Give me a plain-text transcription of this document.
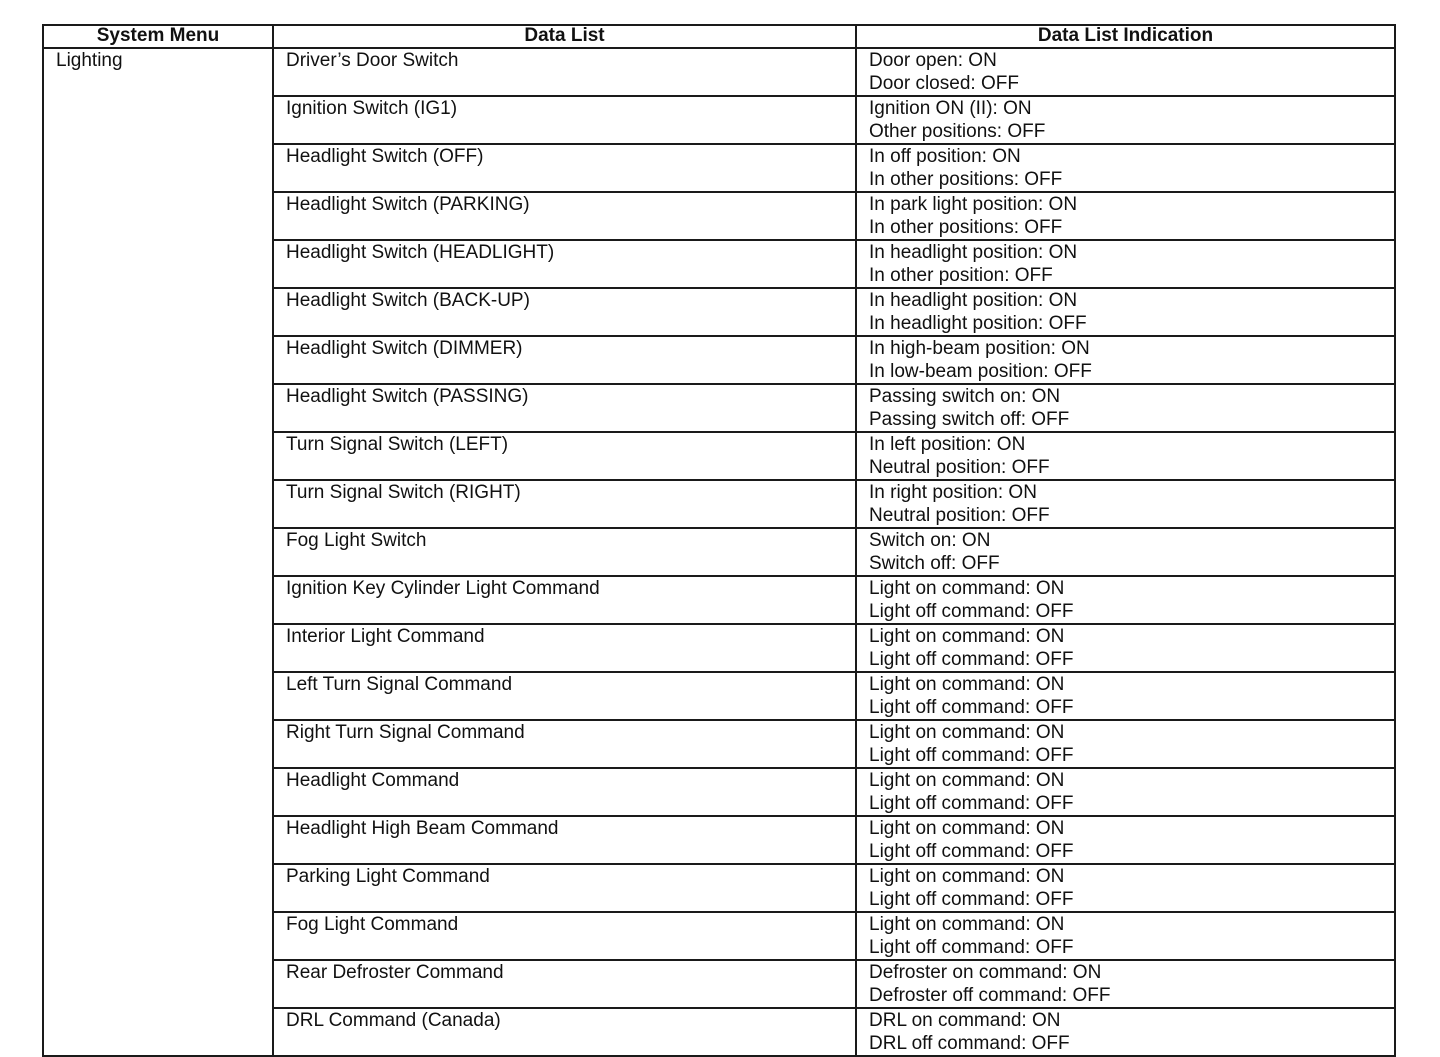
System Menu	Data List	Data List Indication
Lighting	Driver’s Door Switch	Door open: ON
Door closed: OFF

	Ignition Switch (IG1)	Ignition ON (II): ON
Other positions: OFF

	Headlight Switch (OFF)	In off position: ON
In other positions: OFF

	Headlight Switch (PARKING)	In park light position: ON
In other positions: OFF

	Headlight Switch (HEADLIGHT)	In headlight position: ON
In other position: OFF

	Headlight Switch (BACK-UP)	In headlight position: ON
In headlight position: OFF

	Headlight Switch (DIMMER)	In high-beam position: ON
In low-beam position: OFF

	Headlight Switch (PASSING)	Passing switch on: ON
Passing switch off: OFF

	Turn Signal Switch (LEFT)	In left position: ON
Neutral position: OFF

	Turn Signal Switch (RIGHT)	In right position: ON
Neutral position: OFF

	Fog Light Switch	Switch on: ON
Switch off: OFF

	Ignition Key Cylinder Light Command	Light on command: ON
Light off command: OFF

	Interior Light Command	Light on command: ON
Light off command: OFF

	Left Turn Signal Command	Light on command: ON
Light off command: OFF

	Right Turn Signal Command	Light on command: ON
Light off command: OFF

	Headlight Command	Light on command: ON
Light off command: OFF

	Headlight High Beam Command	Light on command: ON
Light off command: OFF

	Parking Light Command	Light on command: ON
Light off command: OFF

	Fog Light Command	Light on command: ON
Light off command: OFF

	Rear Defroster Command	Defroster on command: ON
Defroster off command: OFF

	DRL Command (Canada)	DRL on command: ON
DRL off command: OFF
